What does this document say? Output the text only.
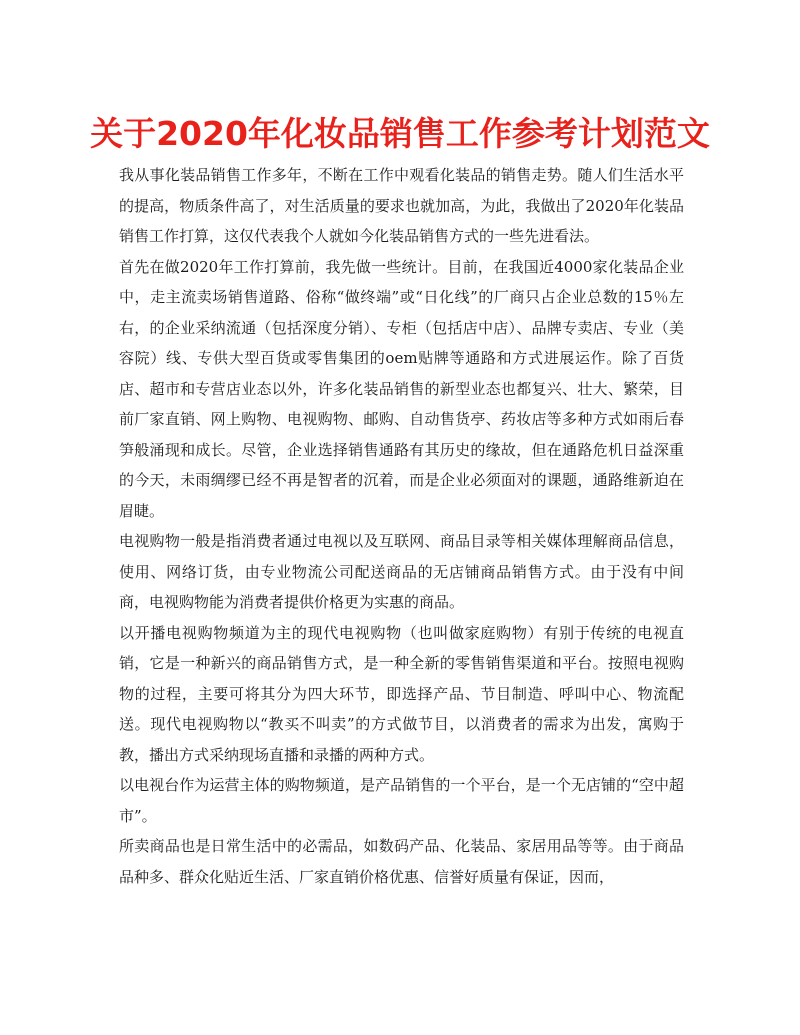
关于2020年化妆品销售工作参考计划范文

我从事化装品销售工作多年，不断在工作中观看化装品的销售走势。随人们生活水平的提高，物质条件高了，对生活质量的要求也就加高，为此，我做出了2020年化装品销售工作打算，这仅代表我个人就如今化装品销售方式的一些先进看法。

首先在做2020年工作打算前，我先做一些统计。目前，在我国近4000家化装品企业中，走主流卖场销售道路、俗称“做终端”或“日化线”的厂商只占企业总数的15％左右，的企业采纳流通（包括深度分销）、专柜（包括店中店）、品牌专卖店、专业（美容院）线、专供大型百货或零售集团的oem贴牌等通路和方式进展运作。除了百货店、超市和专营店业态以外，许多化装品销售的新型业态也都复兴、壮大、繁荣，目前厂家直销、网上购物、电视购物、邮购、自动售货亭、药妆店等多种方式如雨后春笋般涌现和成长。尽管，企业选择销售通路有其历史的缘故，但在通路危机日益深重的今天，未雨绸缪已经不再是智者的沉着，而是企业必须面对的课题，通路维新迫在眉睫。

电视购物一般是指消费者通过电视以及互联网、商品目录等相关媒体理解商品信息，使用、网络订货，由专业物流公司配送商品的无店铺商品销售方式。由于没有中间商，电视购物能为消费者提供价格更为实惠的商品。

以开播电视购物频道为主的现代电视购物（也叫做家庭购物）有别于传统的电视直销，它是一种新兴的商品销售方式，是一种全新的零售销售渠道和平台。按照电视购物的过程，主要可将其分为四大环节，即选择产品、节目制造、呼叫中心、物流配送。现代电视购物以“教买不叫卖”的方式做节目，以消费者的需求为出发，寓购于教，播出方式采纳现场直播和录播的两种方式。

以电视台作为运营主体的购物频道，是产品销售的一个平台，是一个无店铺的“空中超市”。

所卖商品也是日常生活中的必需品，如数码产品、化装品、家居用品等等。由于商品品种多、群众化贴近生活、厂家直销价格优惠、信誉好质量有保证，因而，
